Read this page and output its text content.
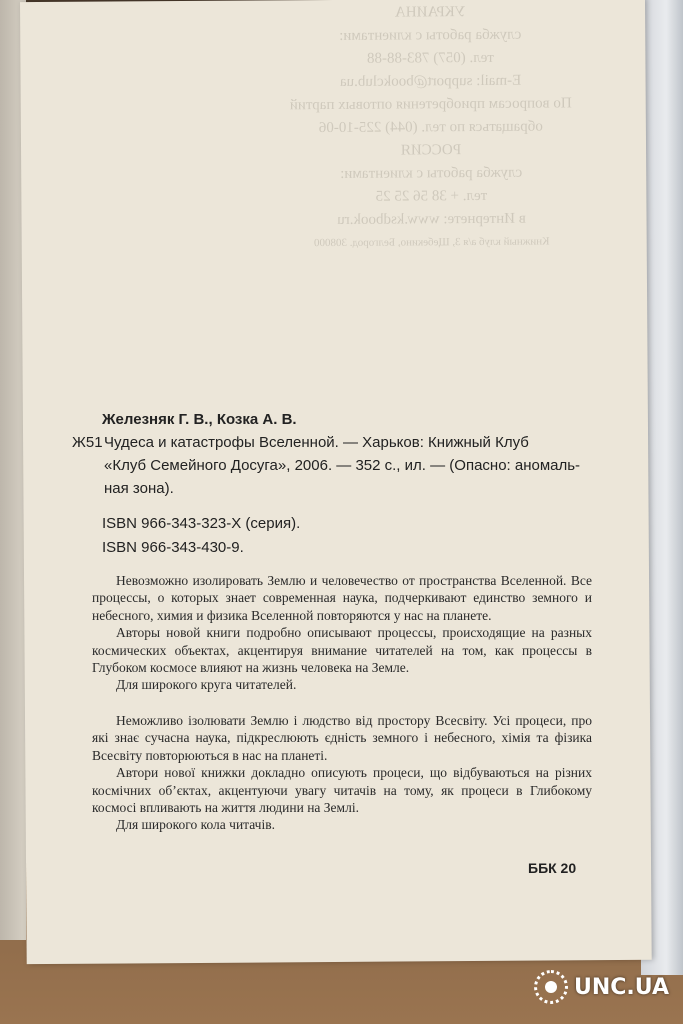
УКРАИНА
служба работы с клиентами:
тел. (057) 783-88-88
E-mail: support@bookclub.ua
По вопросам приобретения оптовых партий
обращаться по тел. (044) 225-10-06
РОССИЯ
служба работы с клиентами:
тел. + 38 56 25 25
в Интернете: www.ksdbook.ru
Книжный клуб а/я 3, Щебекино, Белгород. 308000
Железняк Г. В., Козка А. В.
Ж51 Чудеса и катастрофы Вселенной. — Харьков: Книжный Клуб
«Клуб Семейного Досуга», 2006. — 352 с., ил. — (Опасно: аномаль-
ная зона).
ISBN 966-343-323-X (серия).
ISBN 966-343-430-9.

Невозможно изолировать Землю и человечество от пространства Вселенной. Все процессы, о которых знает современная наука, подчеркивают единство земного и небесного, химия и физика Вселенной повторяются у нас на планете.

Авторы новой книги подробно описывают процессы, происходящие на разных космических объектах, акцентируя внимание читателей на том, как процессы в Глубоком космосе влияют на жизнь человека на Земле.

Для широкого круга читателей.

Неможливо ізолювати Землю і людство від простору Всесвіту. Усі процеси, про які знає сучасна наука, підкреслюють єдність земного і небесного, хімія та фізика Всесвіту повторюються в нас на планеті.

Автори нової книжки докладно описують процеси, що відбуваються на різних космічних об’єктах, акцентуючи увагу читачів на тому, як процеси в Глибокому космосі впливають на життя людини на Землі.

Для широкого кола читачів.

ББК 20
UNC.UA
